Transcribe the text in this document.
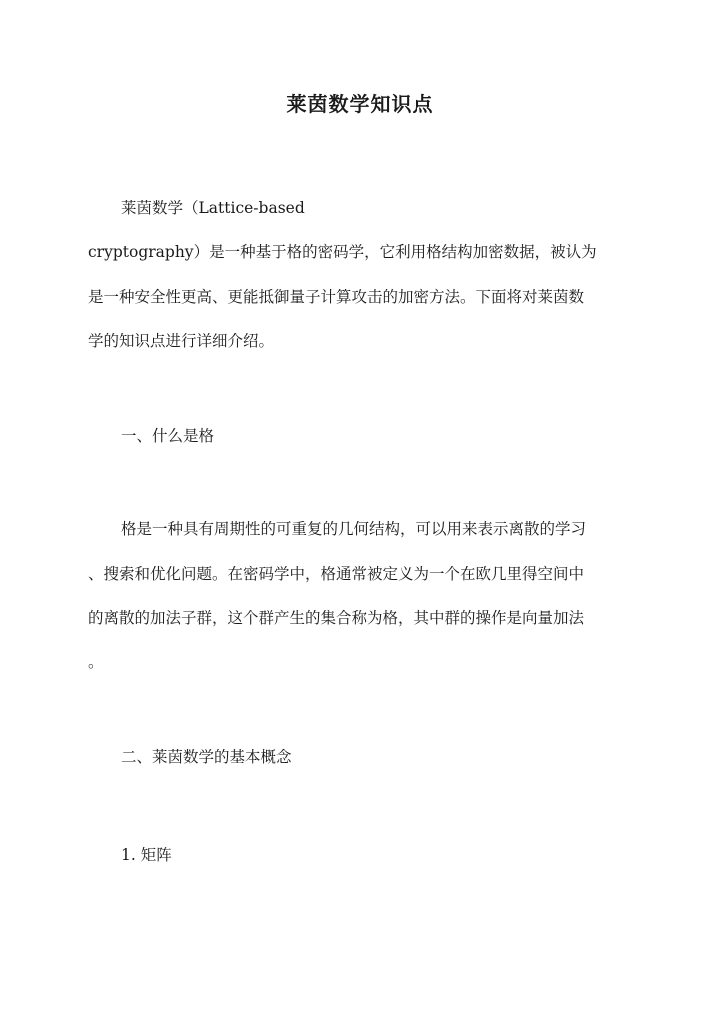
莱茵数学知识点
莱茵数学（Lattice-based
cryptography）是一种基于格的密码学，它利用格结构加密数据，被认为
是一种安全性更高、更能抵御量子计算攻击的加密方法。下面将对莱茵数
学的知识点进行详细介绍。
一、什么是格
格是一种具有周期性的可重复的几何结构，可以用来表示离散的学习
、搜索和优化问题。在密码学中，格通常被定义为一个在欧几里得空间中
的离散的加法子群，这个群产生的集合称为格，其中群的操作是向量加法
。
二、莱茵数学的基本概念
1. 矩阵
